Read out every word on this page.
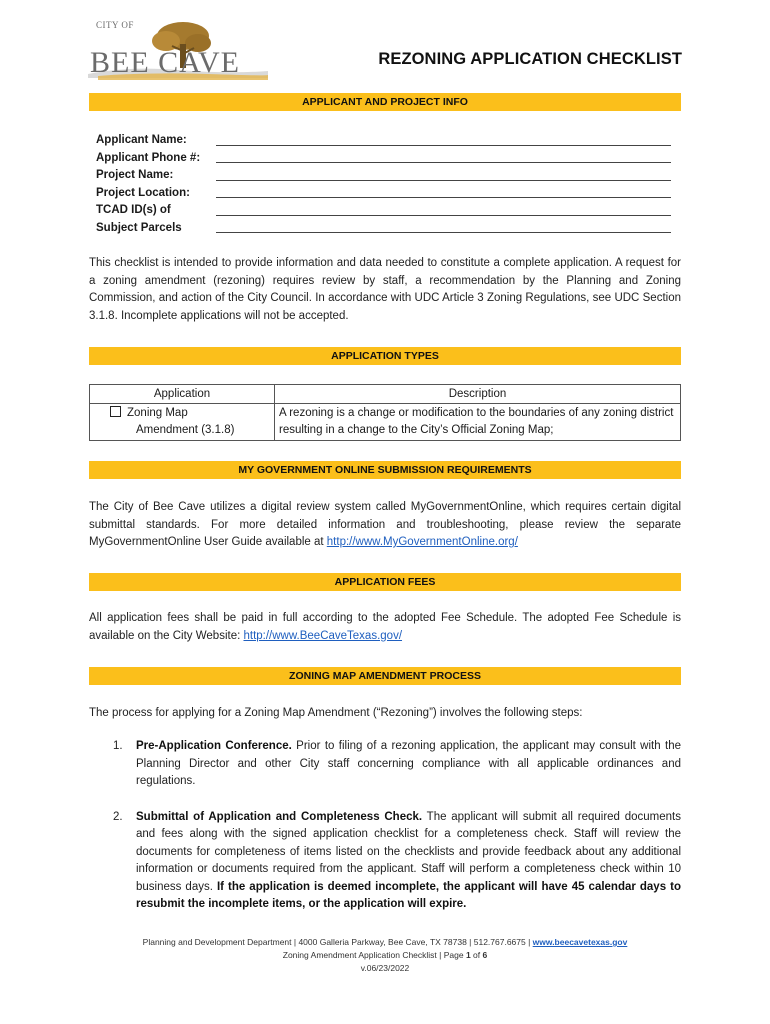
CITY OF
BEE CAVE	REZONING APPLICATION CHECKLIST
APPLICANT AND PROJECT INFO
Applicant Name:
Applicant Phone #:
Project Name:
Project Location:
TCAD ID(s) of
Subject Parcels
This checklist is intended to provide information and data needed to constitute a complete application. A request for a zoning amendment (rezoning) requires review by staff, a recommendation by the Planning and Zoning Commission, and action of the City Council. In accordance with UDC Article 3 Zoning Regulations, see UDC Section 3.1.8. Incomplete applications will not be accepted.
APPLICATION TYPES
Application	Description
Zoning Map
Amendment (3.1.8)	A rezoning is a change or modification to the boundaries of any zoning district resulting in a change to the City’s Official Zoning Map;
MY GOVERNMENT ONLINE SUBMISSION REQUIREMENTS
The City of Bee Cave utilizes a digital review system called MyGovernmentOnline, which requires certain digital submittal standards. For more detailed information and troubleshooting, please review the separate MyGovernmentOnline User Guide available at http://www.MyGovernmentOnline.org/
APPLICATION FEES
All application fees shall be paid in full according to the adopted Fee Schedule. The adopted Fee Schedule is available on the City Website: http://www.BeeCaveTexas.gov/
ZONING MAP AMENDMENT PROCESS
The process for applying for a Zoning Map Amendment (“Rezoning”) involves the following steps:
1. Pre-Application Conference. Prior to filing of a rezoning application, the applicant may consult with the Planning Director and other City staff concerning compliance with all applicable ordinances and regulations.
2. Submittal of Application and Completeness Check. The applicant will submit all required documents and fees along with the signed application checklist for a completeness check. Staff will review the documents for completeness of items listed on the checklists and provide feedback about any additional information or documents required from the applicant. Staff will perform a completeness check within 10 business days. If the application is deemed incomplete, the applicant will have 45 calendar days to resubmit the incomplete items, or the application will expire.
Planning and Development Department | 4000 Galleria Parkway, Bee Cave, TX 78738 | 512.767.6675 | www.beecavetexas.gov
Zoning Amendment Application Checklist | Page 1 of 6
v.06/23/2022
